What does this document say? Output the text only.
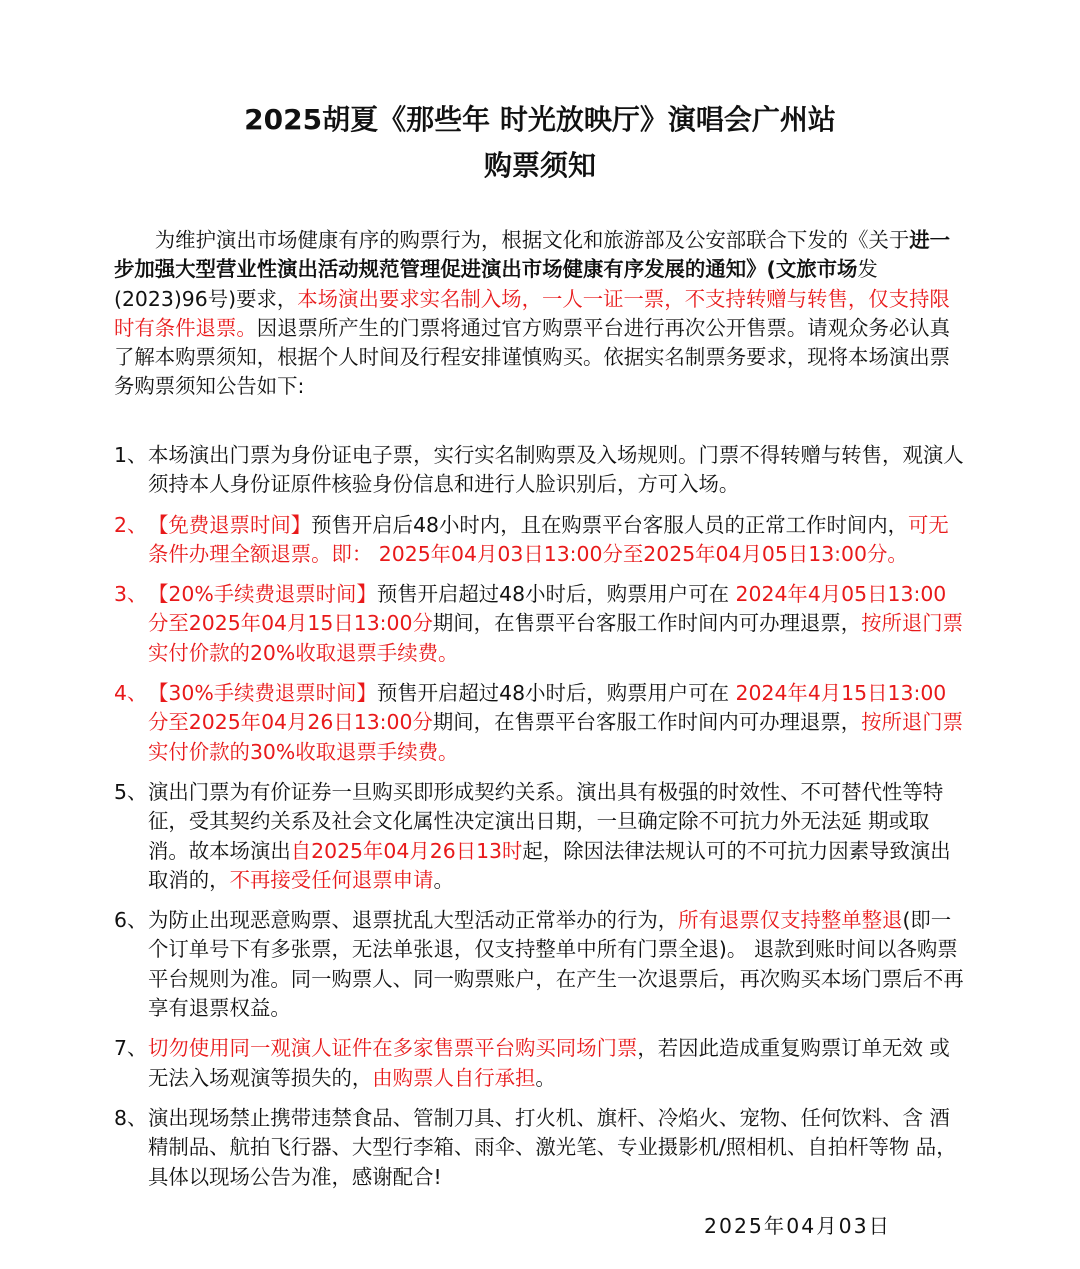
2025胡夏《那些年 时光放映厅》演唱会广州站
购票须知
为维护演出市场健康有序的购票行为，根据文化和旅游部及公安部联合下发的《关于进一步加强大型营业性演出活动规范管理促进演出市场健康有序发展的通知》(文旅市场发(2023)96号)要求，本场演出要求实名制入场，一人一证一票，不支持转赠与转售，仅支持限时有条件退票。因退票所产生的门票将通过官方购票平台进行再次公开售票。请观众务必认真了解本购票须知，根据个人时间及行程安排谨慎购买。依据实名制票务要求，现将本场演出票务购票须知公告如下:
1、 本场演出门票为身份证电子票，实行实名制购票及入场规则。门票不得转赠与转售，观演人须持本人身份证原件核验身份信息和进行人脸识别后，方可入场。
2、 【免费退票时间】预售开启后48小时内，且在购票平台客服人员的正常工作时间内，可无条件办理全额退票。即： 2025年04月03日13:00分至2025年04月05日13:00分。
3、 【20%手续费退票时间】预售开启超过48小时后，购票用户可在 2024年4月05日13:00分至2025年04月15日13:00分期间，在售票平台客服工作时间内可办理退票，按所退门票实付价款的20%收取退票手续费。
4、 【30%手续费退票时间】预售开启超过48小时后，购票用户可在 2024年4月15日13:00分至2025年04月26日13:00分期间，在售票平台客服工作时间内可办理退票，按所退门票实付价款的30%收取退票手续费。
5、 演出门票为有价证券一旦购买即形成契约关系。演出具有极强的时效性、不可替代性等特征，受其契约关系及社会文化属性决定演出日期，一旦确定除不可抗力外无法延 期或取消。故本场演出自2025年04月26日13时起，除因法律法规认可的不可抗力因素导致演出取消的，不再接受任何退票申请。
6、 为防止出现恶意购票、退票扰乱大型活动正常举办的行为，所有退票仅支持整单整退(即一个订单号下有多张票，无法单张退，仅支持整单中所有门票全退)。 退款到账时间以各购票平台规则为准。同一购票人、同一购票账户，在产生一次退票后，再次购买本场门票后不再享有退票权益。
7、 切勿使用同一观演人证件在多家售票平台购买同场门票，若因此造成重复购票订单无效 或无法入场观演等损失的，由购票人自行承担。
8、 演出现场禁止携带违禁食品、管制刀具、打火机、旗杆、冷焰火、宠物、任何饮料、含 酒精制品、航拍飞行器、大型行李箱、雨伞、激光笔、专业摄影机/照相机、自拍杆等物 品，具体以现场公告为准，感谢配合!
2025年04月03日
